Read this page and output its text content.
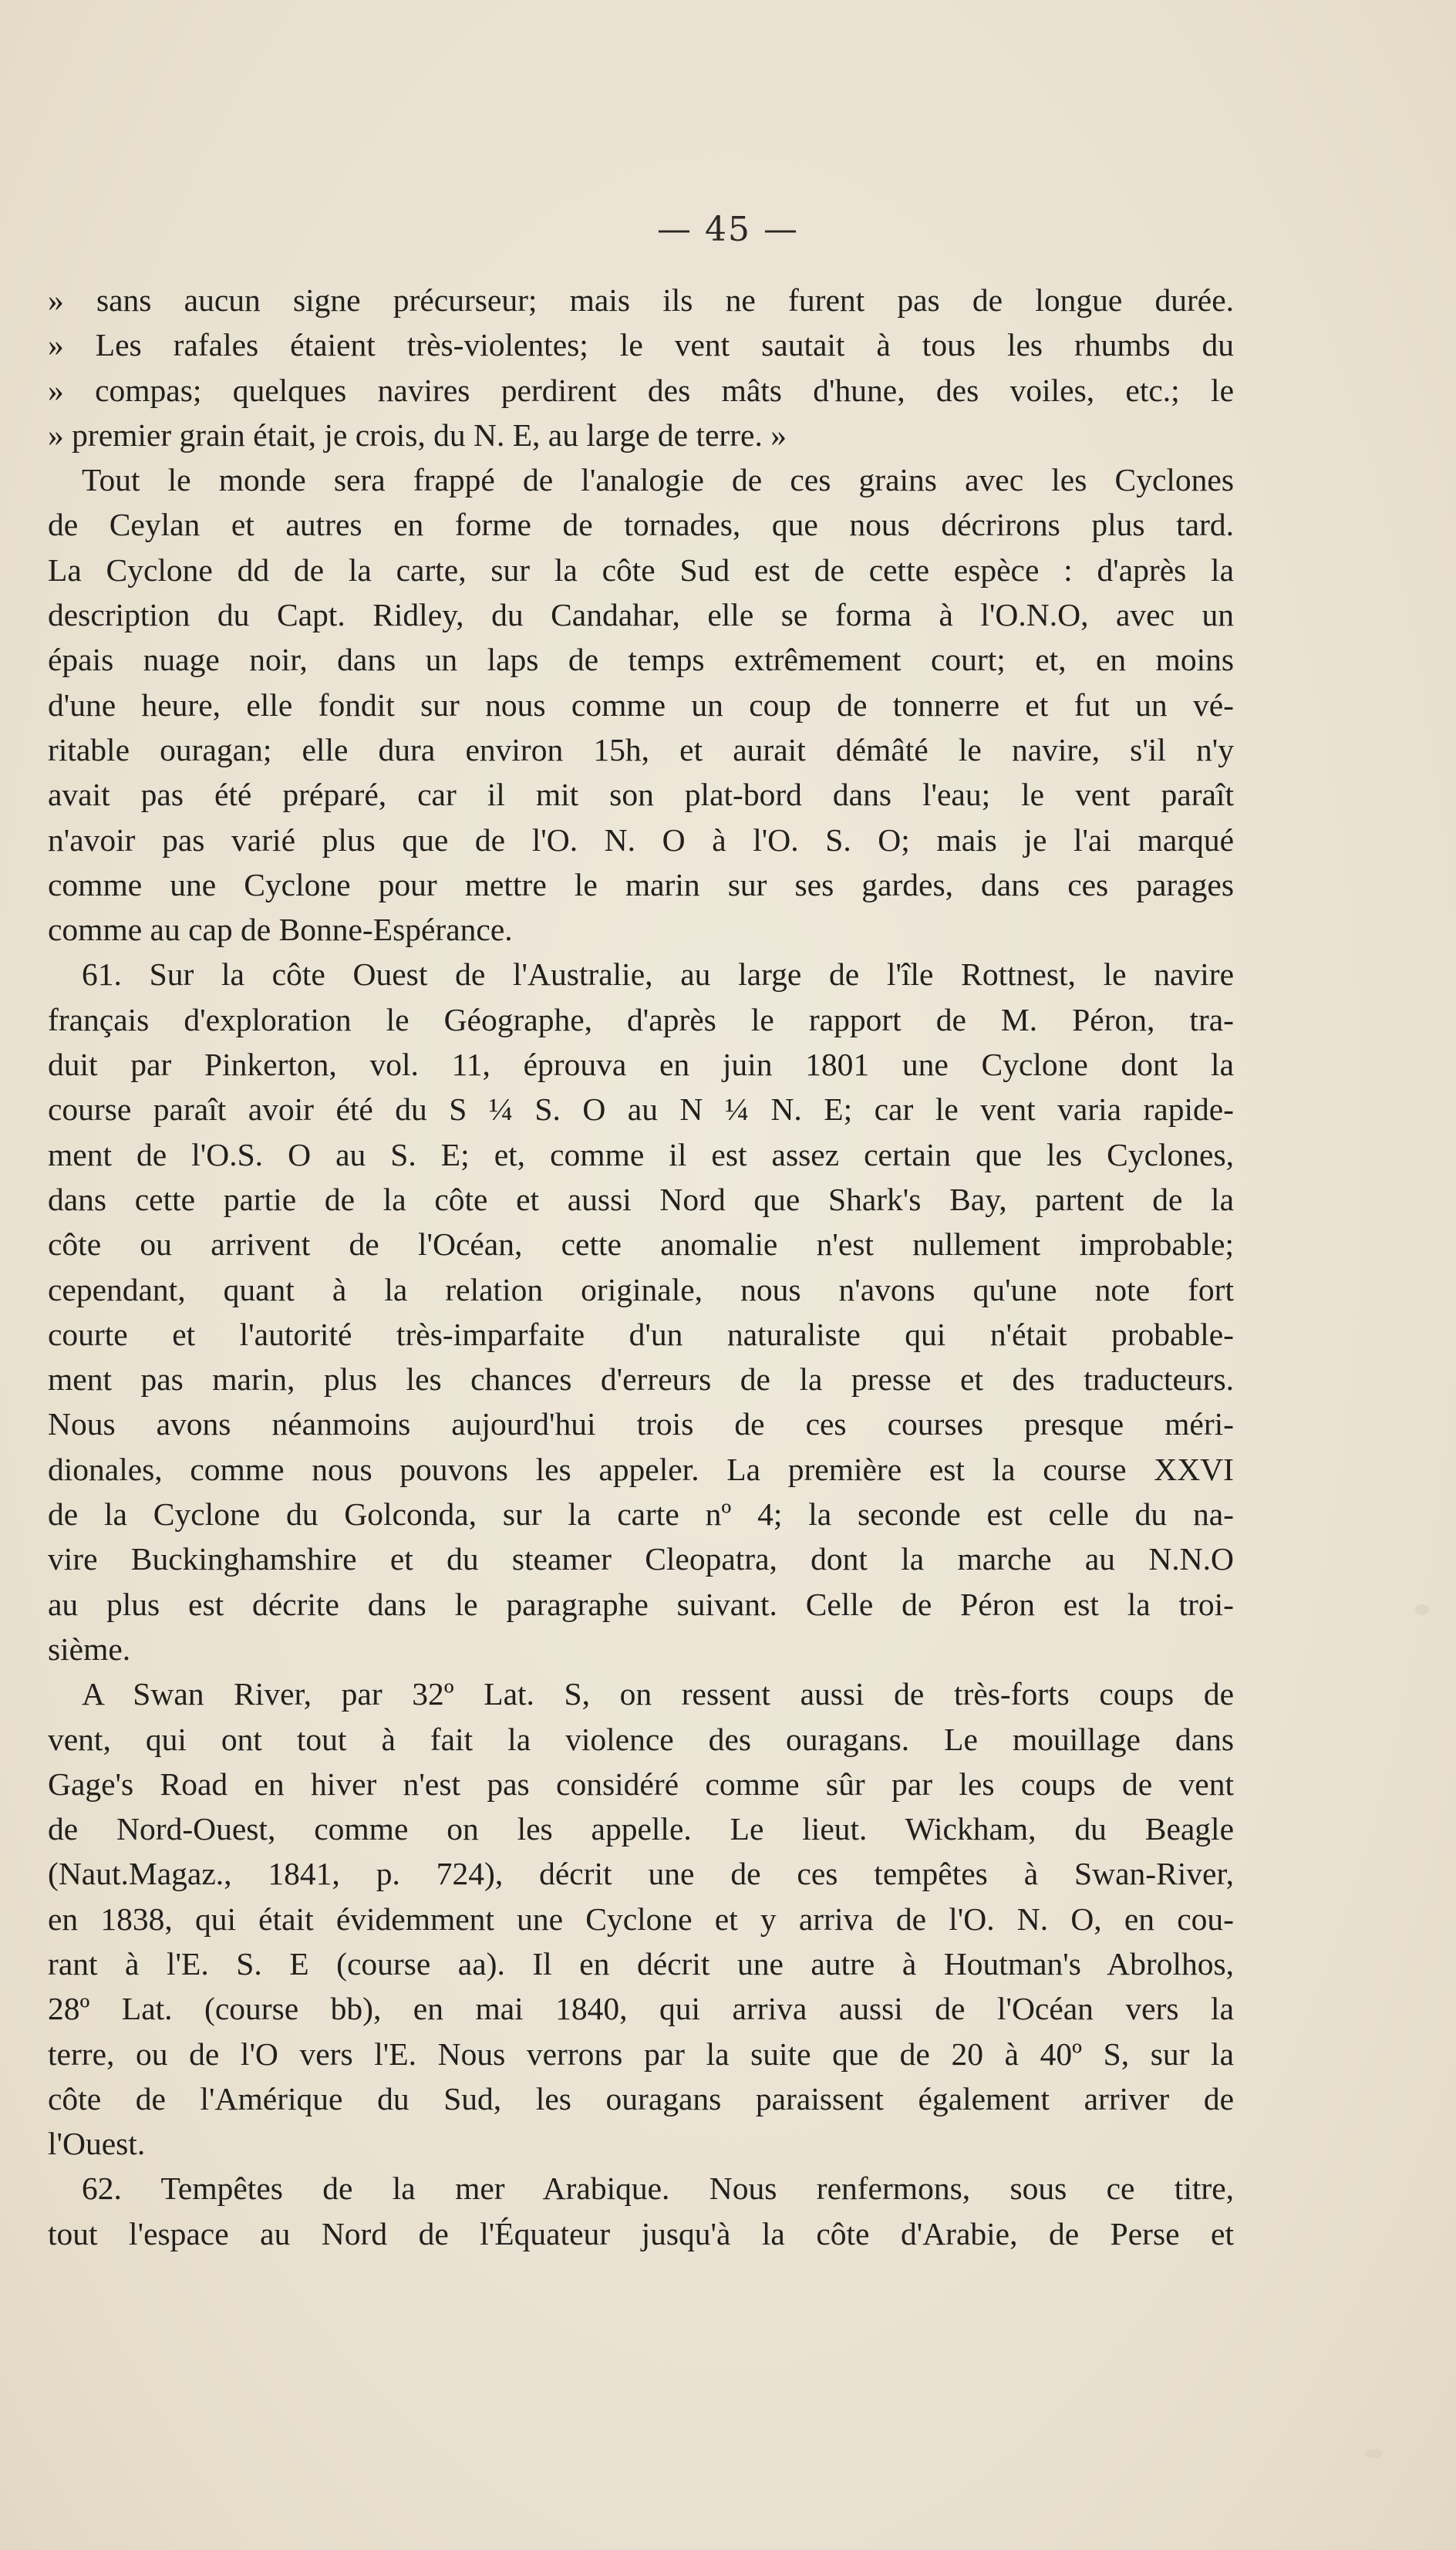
— 45 —
» sans aucun signe précurseur; mais ils ne furent pas de longue durée.
» Les rafales étaient très-violentes; le vent sautait à tous les rhumbs du
» compas; quelques navires perdirent des mâts d'hune, des voiles, etc.; le
» premier grain était, je crois, du N. E, au large de terre. »
Tout le monde sera frappé de l'analogie de ces grains avec les Cyclones
de Ceylan et autres en forme de tornades, que nous décrirons plus tard.
La Cyclone dd de la carte, sur la côte Sud est de cette espèce : d'après la
description du Capt. Ridley, du Candahar, elle se forma à l'O.N.O, avec un
épais nuage noir, dans un laps de temps extrêmement court; et, en moins
d'une heure, elle fondit sur nous comme un coup de tonnerre et fut un vé-
ritable ouragan; elle dura environ 15h, et aurait démâté le navire, s'il n'y
avait pas été préparé, car il mit son plat-bord dans l'eau; le vent paraît
n'avoir pas varié plus que de l'O. N. O à l'O. S. O; mais je l'ai marqué
comme une Cyclone pour mettre le marin sur ses gardes, dans ces parages
comme au cap de Bonne-Espérance.
61. Sur la côte Ouest de l'Australie, au large de l'île Rottnest, le navire
français d'exploration le Géographe, d'après le rapport de M. Péron, tra-
duit par Pinkerton, vol. 11, éprouva en juin 1801 une Cyclone dont la
course paraît avoir été du S ¼ S. O au N ¼ N. E; car le vent varia rapide-
ment de l'O.S. O au S. E; et, comme il est assez certain que les Cyclones,
dans cette partie de la côte et aussi Nord que Shark's Bay, partent de la
côte ou arrivent de l'Océan, cette anomalie n'est nullement improbable;
cependant, quant à la relation originale, nous n'avons qu'une note fort
courte et l'autorité très-imparfaite d'un naturaliste qui n'était probable-
ment pas marin, plus les chances d'erreurs de la presse et des traducteurs.
Nous avons néanmoins aujourd'hui trois de ces courses presque méri-
dionales, comme nous pouvons les appeler. La première est la course XXVI
de la Cyclone du Golconda, sur la carte nº 4; la seconde est celle du na-
vire Buckinghamshire et du steamer Cleopatra, dont la marche au N.N.O
au plus est décrite dans le paragraphe suivant. Celle de Péron est la troi-
sième.
A Swan River, par 32º Lat. S, on ressent aussi de très-forts coups de
vent, qui ont tout à fait la violence des ouragans. Le mouillage dans
Gage's Road en hiver n'est pas considéré comme sûr par les coups de vent
de Nord-Ouest, comme on les appelle. Le lieut. Wickham, du Beagle
(Naut.Magaz., 1841, p. 724), décrit une de ces tempêtes à Swan-River,
en 1838, qui était évidemment une Cyclone et y arriva de l'O. N. O, en cou-
rant à l'E. S. E (course aa). Il en décrit une autre à Houtman's Abrolhos,
28º Lat. (course bb), en mai 1840, qui arriva aussi de l'Océan vers la
terre, ou de l'O vers l'E. Nous verrons par la suite que de 20 à 40º S, sur la
côte de l'Amérique du Sud, les ouragans paraissent également arriver de
l'Ouest.
62. Tempêtes de la mer Arabique. Nous renfermons, sous ce titre,
tout l'espace au Nord de l'Équateur jusqu'à la côte d'Arabie, de Perse et
